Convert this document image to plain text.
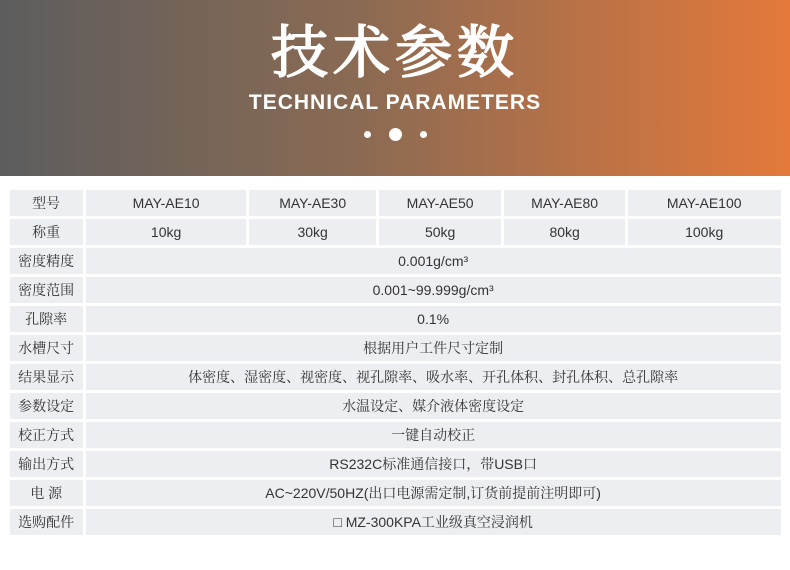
技术参数
TECHNICAL PARAMETERS
型号	MAY-AE10	MAY-AE30	MAY-AE50	MAY-AE80	MAY-AE100
称重	10kg	30kg	50kg	80kg	100kg
密度精度	0.001g/cm³				
密度范围	0.001~99.999g/cm³				
孔隙率	0.1%				
水槽尺寸	根据用户工件尺寸定制				
结果显示	体密度、湿密度、视密度、视孔隙率、吸水率、开孔体积、封孔体积、总孔隙率				
参数设定	水温设定、媒介液体密度设定				
校正方式	一键自动校正				
输出方式	RS232C标准通信接口，带USB口				
电 源	AC~220V/50HZ(出口电源需定制,订货前提前注明即可)				
选购配件	□ MZ-300KPA工业级真空浸润机				
